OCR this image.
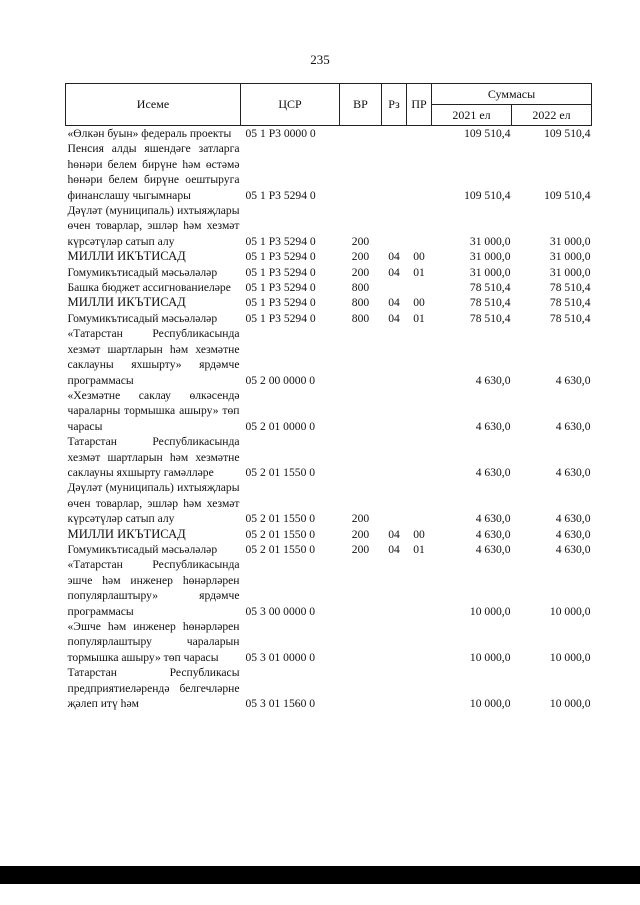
235
Исеме	ЦСР	ВР	Рз	ПР	Суммасы	
					2021 ел	2022 ел
«Өлкән буын» федераль проекты	05 1 Р3 0000 0				109 510,4	109 510,4
Пенсия алды яшендәге затларга һөнәри белем бирүне һәм өстәмә һөнәри белем бирүне оештыруга финанслашу чыгымнары	05 1 Р3 5294 0				109 510,4	109 510,4
Дәүләт (муниципаль) ихтыяҗлары өчен товарлар, эшләр һәм хезмәт күрсәтүләр сатып алу	05 1 Р3 5294 0	200			31 000,0	31 000,0
МИЛЛИ ИКЪТИСАД	05 1 Р3 5294 0	200	04	00	31 000,0	31 000,0
Гомумикътисадый мәсьәләләр	05 1 Р3 5294 0	200	04	01	31 000,0	31 000,0
Башка бюджет ассигнованиеләре	05 1 Р3 5294 0	800			78 510,4	78 510,4
МИЛЛИ ИКЪТИСАД	05 1 Р3 5294 0	800	04	00	78 510,4	78 510,4
Гомумикътисадый мәсьәләләр	05 1 Р3 5294 0	800	04	01	78 510,4	78 510,4
«Татарстан Республикасында хезмәт шартларын һәм хезмәтне саклауны яхшырту» ярдәмче программасы	05 2 00 0000 0				4 630,0	4 630,0
«Хезмәтне саклау өлкәсендә чараларны тормышка ашыру» төп чарасы	05 2 01 0000 0				4 630,0	4 630,0
Татарстан Республикасында хезмәт шартларын һәм хезмәтне саклауны яхшырту гамәлләре	05 2 01 1550 0				4 630,0	4 630,0
Дәүләт (муниципаль) ихтыяҗлары өчен товарлар, эшләр һәм хезмәт күрсәтүләр сатып алу	05 2 01 1550 0	200			4 630,0	4 630,0
МИЛЛИ ИКЪТИСАД	05 2 01 1550 0	200	04	00	4 630,0	4 630,0
Гомумикътисадый мәсьәләләр	05 2 01 1550 0	200	04	01	4 630,0	4 630,0
«Татарстан Республикасында эшче һәм инженер һөнәрләрен популярлаштыру» ярдәмче программасы	05 3 00 0000 0				10 000,0	10 000,0
«Эшче һәм инженер һөнәрләрен популярлаштыру чараларын тормышка ашыру» төп чарасы	05 3 01 0000 0				10 000,0	10 000,0
Татарстан Республикасы предприятиеләрендә белгечләрне җәлеп итү һәм	05 3 01 1560 0				10 000,0	10 000,0
